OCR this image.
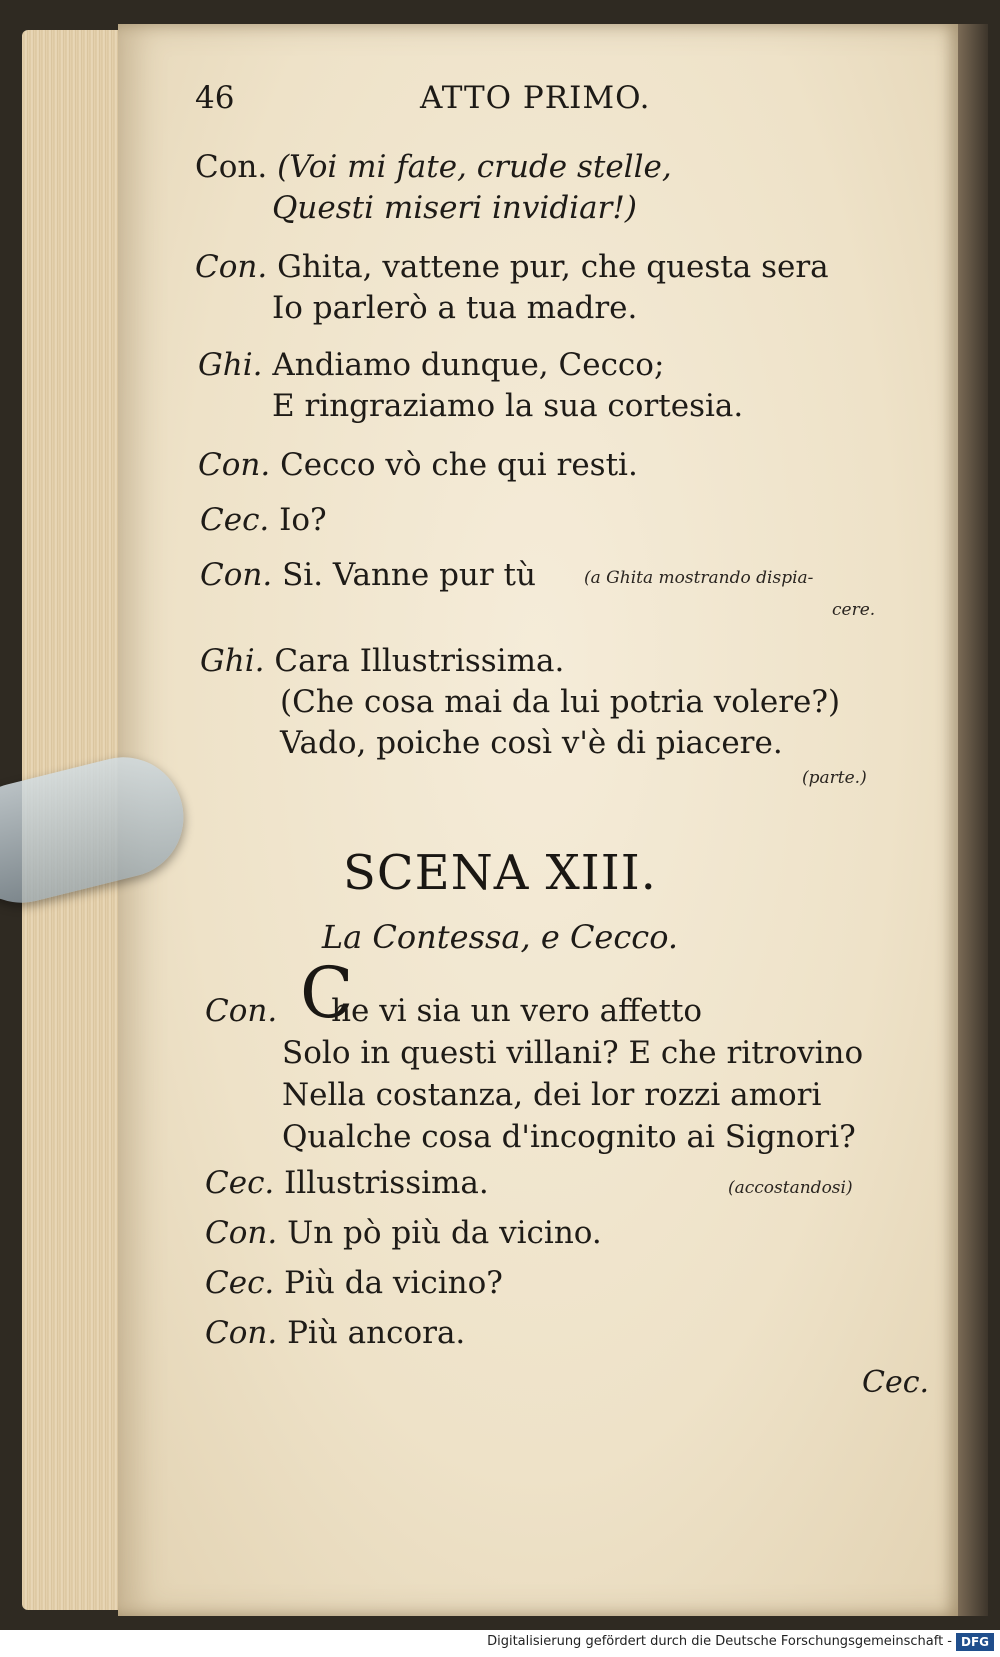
46	ATTO PRIMO.
Con. (Voi mi fate, crude stelle,
Questi miseri invidiar!)
Con. Ghita, vattene pur, che questa sera
Io parlerò a tua madre.
Ghi. Andiamo dunque, Cecco;
E ringraziamo la sua cortesia.
Con. Cecco vò che qui resti.
Cec. Io?
Con. Si. Vanne pur tù	(a Ghita mostrando dispia-
cere.
Ghi. Cara Illustrissima.
(Che cosa mai da lui potria volere?)
Vado, poiche così v'è di piacere.
(parte.)
SCENA XIII.
La Contessa, e Cecco.
C
Con. he vi sia un vero affetto
Solo in questi villani? E che ritrovino
Nella costanza, dei lor rozzi amori
Qualche cosa d'incognito ai Signori?
Cec. Illustrissima.	(accostandosi)
Con. Un pò più da vicino.
Cec. Più da vicino?
Con. Più ancora.
Cec.
Digitalisierung gefördert durch die Deutsche Forschungsgemeinschaft - DFG
